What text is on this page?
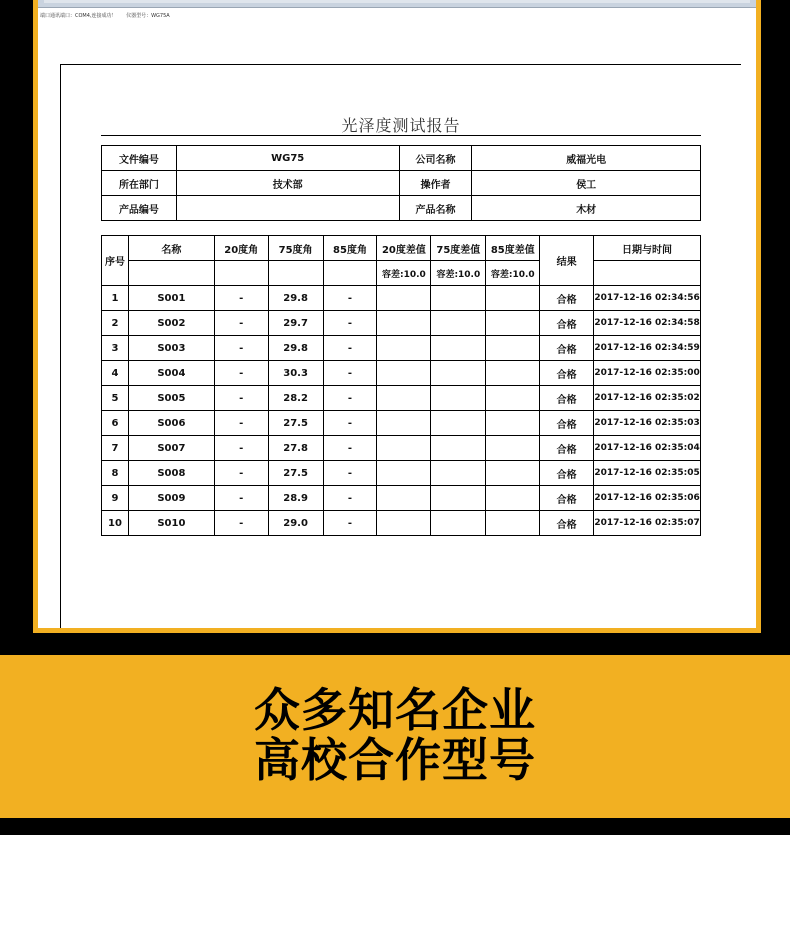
端口通讯端口：COM4,连接成功！ 仪器型号：WG75A
光泽度测试报告
文件编号	WG75	公司名称	威福光电
所在部门	技术部	操作者	侯工
产品编号		产品名称	木材
序号	名称	20度角	75度角	85度角	20度差值	75度差值	85度差值	结果	日期与时间
					容差:10.0	容差:10.0	容差:10.0		
1	S001	-	29.8	-				合格	2017-12-16 02:34:56
2	S002	-	29.7	-				合格	2017-12-16 02:34:58
3	S003	-	29.8	-				合格	2017-12-16 02:34:59
4	S004	-	30.3	-				合格	2017-12-16 02:35:00
5	S005	-	28.2	-				合格	2017-12-16 02:35:02
6	S006	-	27.5	-				合格	2017-12-16 02:35:03
7	S007	-	27.8	-				合格	2017-12-16 02:35:04
8	S008	-	27.5	-				合格	2017-12-16 02:35:05
9	S009	-	28.9	-				合格	2017-12-16 02:35:06
10	S010	-	29.0	-				合格	2017-12-16 02:35:07
众多知名企业
高校合作型号
